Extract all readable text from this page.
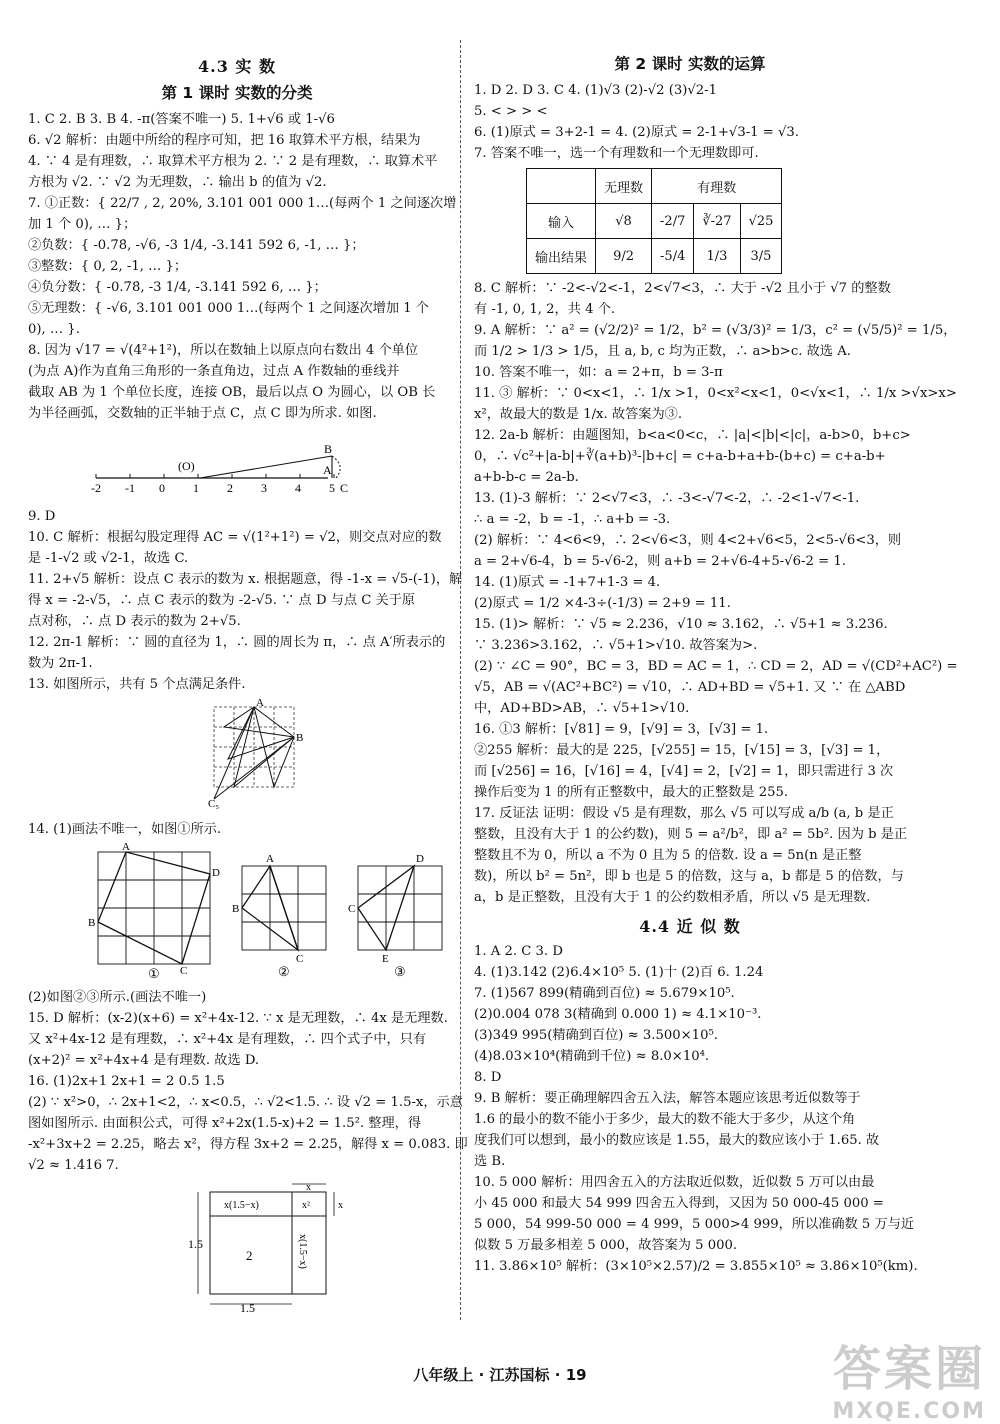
4.3 实 数
第 1 课时 实数的分类
1. C 2. B 3. B 4. -π(答案不唯一) 5. 1+√6 或 1-√6
6. √2 解析：由题中所给的程序可知，把 16 取算术平方根，结果为
4. ∵ 4 是有理数，∴ 取算术平方根为 2. ∵ 2 是有理数，∴ 取算术平
方根为 √2. ∵ √2 为无理数，∴ 输出 b 的值为 √2.
7. ①正数：{ 22/7 , 2, 20%, 3.101 001 000 1…(每两个 1 之间逐次增
加 1 个 0), … }；
②负数：{ -0.7̇8̇, -√6, -3 1/4, -3.141 592 6, -1, … }；
③整数：{ 0, 2, -1, … }；
④负分数：{ -0.7̇8̇, -3 1/4, -3.141 592 6, … }；
⑤无理数：{ -√6, 3.101 001 000 1…(每两个 1 之间逐次增加 1 个
0), … }.
8. 因为 √17 = √(4²+1²)，所以在数轴上以原点向右数出 4 个单位
(为点 A)作为直角三角形的一条直角边，过点 A 作数轴的垂线并
截取 AB 为 1 个单位长度，连接 OB，最后以点 O 为圆心，以 OB 长
为半径画弧，交数轴的正半轴于点 C，点 C 即为所求. 如图.
-2 -1 0 1 2 3 4 5
(O)
B
A
C
9. D
10. C 解析：根据勾股定理得 AC = √(1²+1²) = √2，则交点对应的数
是 -1-√2 或 √2-1，故选 C.
11. 2+√5 解析：设点 C 表示的数为 x. 根据题意，得 -1-x = √5-(-1)，解
得 x = -2-√5，∴ 点 C 表示的数为 -2-√5. ∵ 点 D 与点 C 关于原
点对称，∴ 点 D 表示的数为 2+√5.
12. 2π-1 解析：∵ 圆的直径为 1，∴ 圆的周长为 π，∴ 点 A′所表示的
数为 2π-1.
13. 如图所示，共有 5 个点满足条件.
A
B
C₅
14. (1)画法不唯一，如图①所示.
A
D
B
C
A
B
C
D
C
E
①	②	③
(2)如图②③所示.(画法不唯一)
15. D 解析：(x-2)(x+6) = x²+4x-12. ∵ x 是无理数，∴ 4x 是无理数.
又 x²+4x-12 是有理数，∴ x²+4x 是有理数，∴ 四个式子中，只有
(x+2)² = x²+4x+4 是有理数. 故选 D.
16. (1)2x+1 2x+1 = 2 0.5 1.5
(2) ∵ x²>0，∴ 2x+1<2，∴ x<0.5，∴ √2<1.5. ∴ 设 √2 = 1.5-x，示意
图如图所示. 由面积公式，可得 x²+2x(1.5-x)+2 = 1.5². 整理，得
-x²+3x+2 = 2.25，略去 x²，得方程 3x+2 = 2.25，解得 x = 0.083. 即
√2 ≈ 1.416 7.
x(1.5−x)	x²
2
1.5
1.5
x
x
x(1.5−x)
第 2 课时 实数的运算
1. D 2. D 3. C 4. (1)√3 (2)-√2 (3)√2-1
5. < > > <
6. (1)原式 = 3+2-1 = 4. (2)原式 = 2-1+√3-1 = √3.
7. 答案不唯一，选一个有理数和一个无理数即可.
	无理数	有理数		
输入	√8	-2/7	∛-27	√25
输出结果	9/2	-5/4	1/3	3/5
8. C 解析：∵ -2<-√2<-1，2<√7<3，∴ 大于 -√2 且小于 √7 的整数
有 -1, 0, 1, 2，共 4 个.
9. A 解析：∵ a² = (√2/2)² = 1/2，b² = (√3/3)² = 1/3，c² = (√5/5)² = 1/5，
而 1/2 > 1/3 > 1/5，且 a, b, c 均为正数，∴ a>b>c. 故选 A.
10. 答案不唯一，如：a = 2+π，b = 3-π
11. ③ 解析：∵ 0<x<1，∴ 1/x >1，0<x²<x<1，0<√x<1，∴ 1/x >√x>x>
x²，故最大的数是 1/x. 故答案为③.
12. 2a-b 解析：由题图知，b<a<0<c，∴ |a|<|b|<|c|，a-b>0，b+c>
0，∴ √c²+|a-b|+∛(a+b)³-|b+c| = c+a-b+a+b-(b+c) = c+a-b+
a+b-b-c = 2a-b.
13. (1)-3 解析：∵ 2<√7<3，∴ -3<-√7<-2，∴ -2<1-√7<-1.
∴ a = -2，b = -1，∴ a+b = -3.
(2) 解析：∵ 4<6<9，∴ 2<√6<3，则 4<2+√6<5，2<5-√6<3，则
a = 2+√6-4，b = 5-√6-2，则 a+b = 2+√6-4+5-√6-2 = 1.
14. (1)原式 = -1+7+1-3 = 4.
(2)原式 = 1/2 ×4-3÷(-1/3) = 2+9 = 11.
15. (1)> 解析：∵ √5 ≈ 2.236，√10 ≈ 3.162，∴ √5+1 ≈ 3.236.
∵ 3.236>3.162，∴ √5+1>√10. 故答案为>.
(2) ∵ ∠C = 90°，BC = 3，BD = AC = 1，∴ CD = 2，AD = √(CD²+AC²) =
√5，AB = √(AC²+BC²) = √10，∴ AD+BD = √5+1. 又 ∵ 在 △ABD
中，AD+BD>AB，∴ √5+1>√10.
16. ①3 解析：[√81] = 9，[√9] = 3，[√3] = 1.
②255 解析：最大的是 225，[√255] = 15，[√15] = 3，[√3] = 1，
而 [√256] = 16，[√16] = 4，[√4] = 2，[√2] = 1，即只需进行 3 次
操作后变为 1 的所有正整数中，最大的正整数是 255.
17. 反证法 证明：假设 √5 是有理数，那么 √5 可以写成 a/b (a, b 是正
整数，且没有大于 1 的公约数)，则 5 = a²/b²，即 a² = 5b². 因为 b 是正
整数且不为 0，所以 a 不为 0 且为 5 的倍数. 设 a = 5n(n 是正整
数)，所以 b² = 5n²，即 b 也是 5 的倍数，这与 a，b 都是 5 的倍数，与
a，b 是正整数，且没有大于 1 的公约数相矛盾，所以 √5 是无理数.
4.4 近 似 数
1. A 2. C 3. D
4. (1)3.142 (2)6.4×10⁵ 5. (1)十 (2)百 6. 1.24
7. (1)567 899(精确到百位) ≈ 5.679×10⁵.
(2)0.004 078 3(精确到 0.000 1) ≈ 4.1×10⁻³.
(3)349 995(精确到百位) ≈ 3.500×10⁵.
(4)8.03×10⁴(精确到千位) ≈ 8.0×10⁴.
8. D
9. B 解析：要正确理解四舍五入法，解答本题应该思考近似数等于
1.6 的最小的数不能小于多少，最大的数不能大于多少，从这个角
度我们可以想到，最小的数应该是 1.55，最大的数应该小于 1.65. 故
选 B.
10. 5 000 解析：用四舍五入的方法取近似数，近似数 5 万可以由最
小 45 000 和最大 54 999 四舍五入得到，又因为 50 000-45 000 =
5 000，54 999-50 000 = 4 999，5 000>4 999，所以准确数 5 万与近
似数 5 万最多相差 5 000，故答案为 5 000.
11. 3.86×10⁵ 解析：(3×10⁵×2.57)/2 = 3.855×10⁵ ≈ 3.86×10⁵(km).
八年级上 · 江苏国标 · 19	答案圈
MXQE.COM
